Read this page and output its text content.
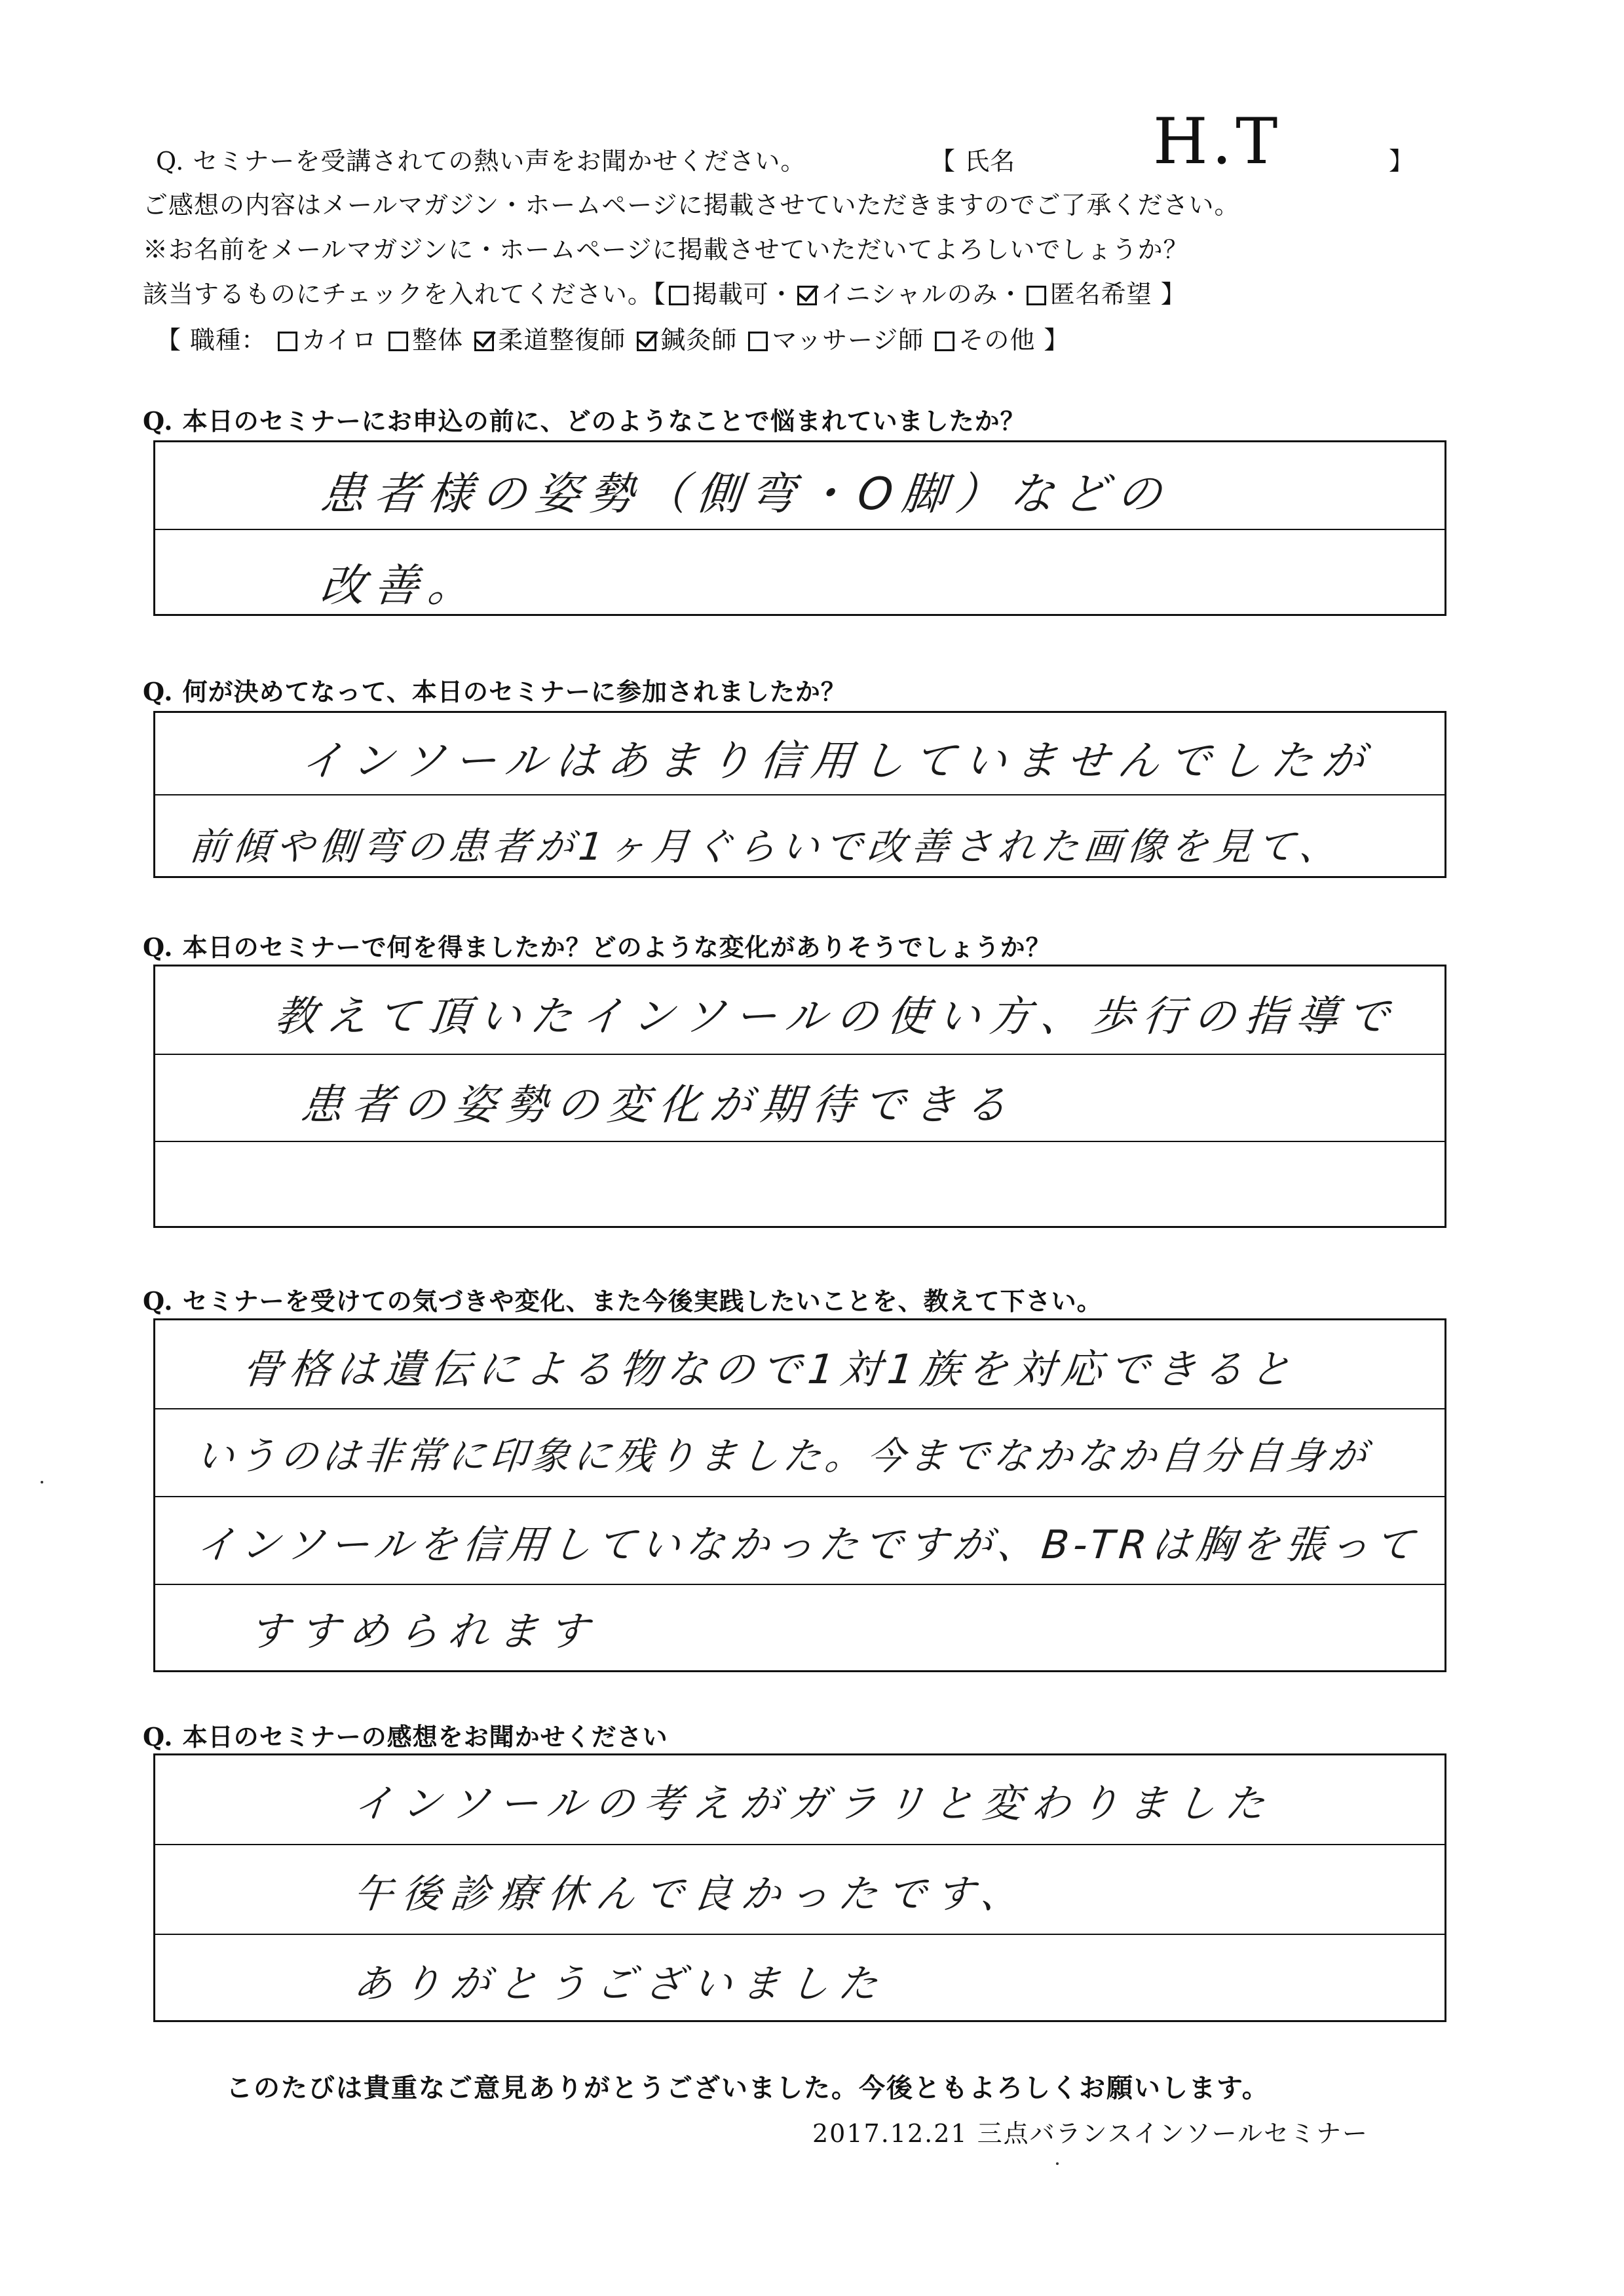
Q. セミナーを受講されての熱い声をお聞かせください。	【 氏名 H.T	】
ご感想の内容はメールマガジン・ホームページに掲載させていただきますのでご了承ください。
※お名前をメールマガジンに・ホームページに掲載させていただいてよろしいでしょうか？
該当するものにチェックを入れてください。【 掲載可・ イニシャルのみ・ 匿名希望 】
【 職種： カイロ 整体 柔道整復師 鍼灸師 マッサージ師 その他 】
Q. 本日のセミナーにお申込の前に、どのようなことで悩まれていましたか？
患者様の姿勢（側弯・O脚）などの
改善。
Q. 何が決めてなって、本日のセミナーに参加されましたか？
インソールはあまり信用していませんでしたが
前傾や側弯の患者が1ヶ月ぐらいで改善された画像を見て、
Q. 本日のセミナーで何を得ましたか？どのような変化がありそうでしょうか？
教えて頂いたインソールの使い方、歩行の指導で
患者の姿勢の変化が期待できる
Q. セミナーを受けての気づきや変化、また今後実践したいことを、教えて下さい。
骨格は遺伝による物なので1対1族を対応できると
いうのは非常に印象に残りました。今までなかなか自分自身が
インソールを信用していなかったですが、B-TRは胸を張って
すすめられます
Q. 本日のセミナーの感想をお聞かせください
インソールの考えがガラリと変わりました
午後診療休んで良かったです、
ありがとうございました
このたびは貴重なご意見ありがとうございました。今後ともよろしくお願いします。
2017.12.21 三点バランスインソールセミナー
